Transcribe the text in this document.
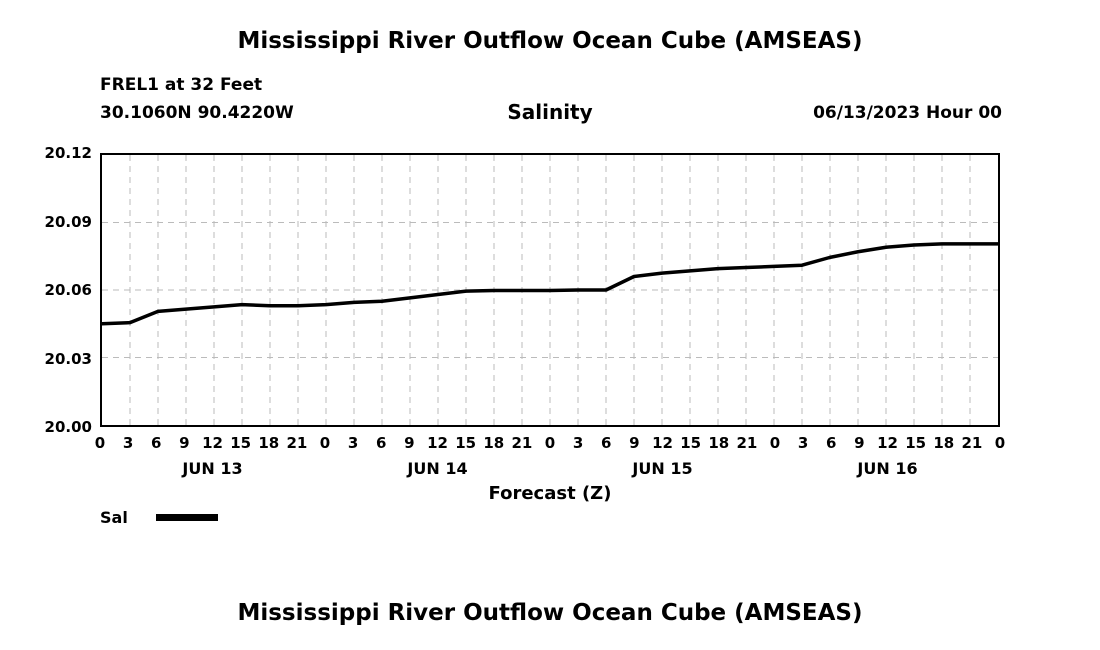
Mississippi River Outflow Ocean Cube (AMSEAS)
FREL1 at 32 Feet
30.1060N 90.4220W	Salinity	06/13/2023 Hour 00
20.12
20.09
20.06
20.03
20.00
0	3	6	9 12 15 18 21 0	3	6	9 12 15 18 21 0	3	6	9 12 15 18 21 0	3	6	9 12 15 18 21 0
JUN 13	JUN 14	JUN 15	JUN 16
Forecast (Z)
Sal
Mississippi River Outflow Ocean Cube (AMSEAS)
